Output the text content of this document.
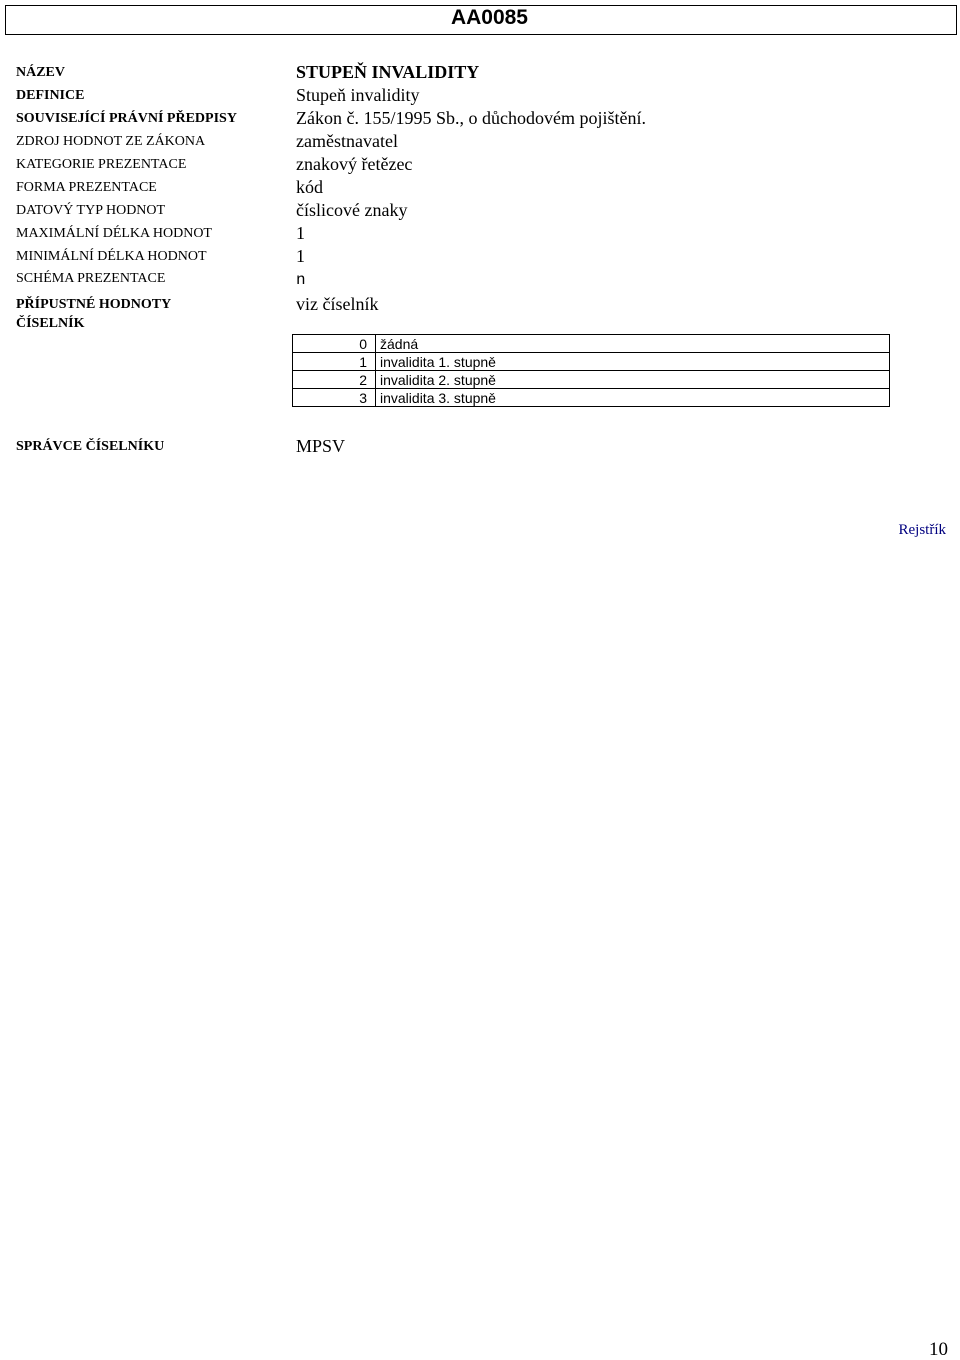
AA0085
NÁZEV	STUPEŇ INVALIDITY
DEFINICE	Stupeň invalidity
SOUVISEJÍCÍ PRÁVNÍ PŘEDPISY	Zákon č. 155/1995 Sb., o důchodovém pojištění.
ZDROJ HODNOT ZE ZÁKONA	zaměstnavatel
KATEGORIE PREZENTACE	znakový řetězec
FORMA PREZENTACE	kód
DATOVÝ TYP HODNOT	číslicové znaky
MAXIMÁLNÍ DÉLKA HODNOT	1
MINIMÁLNÍ DÉLKA HODNOT	1
SCHÉMA PREZENTACE	n
PŘÍPUSTNÉ HODNOTY	viz číselník
ČÍSELNÍK
0	žádná
1	invalidita 1. stupně
2	invalidita 2. stupně
3	invalidita 3. stupně
SPRÁVCE ČÍSELNÍKU	MPSV
Rejstřík
10
